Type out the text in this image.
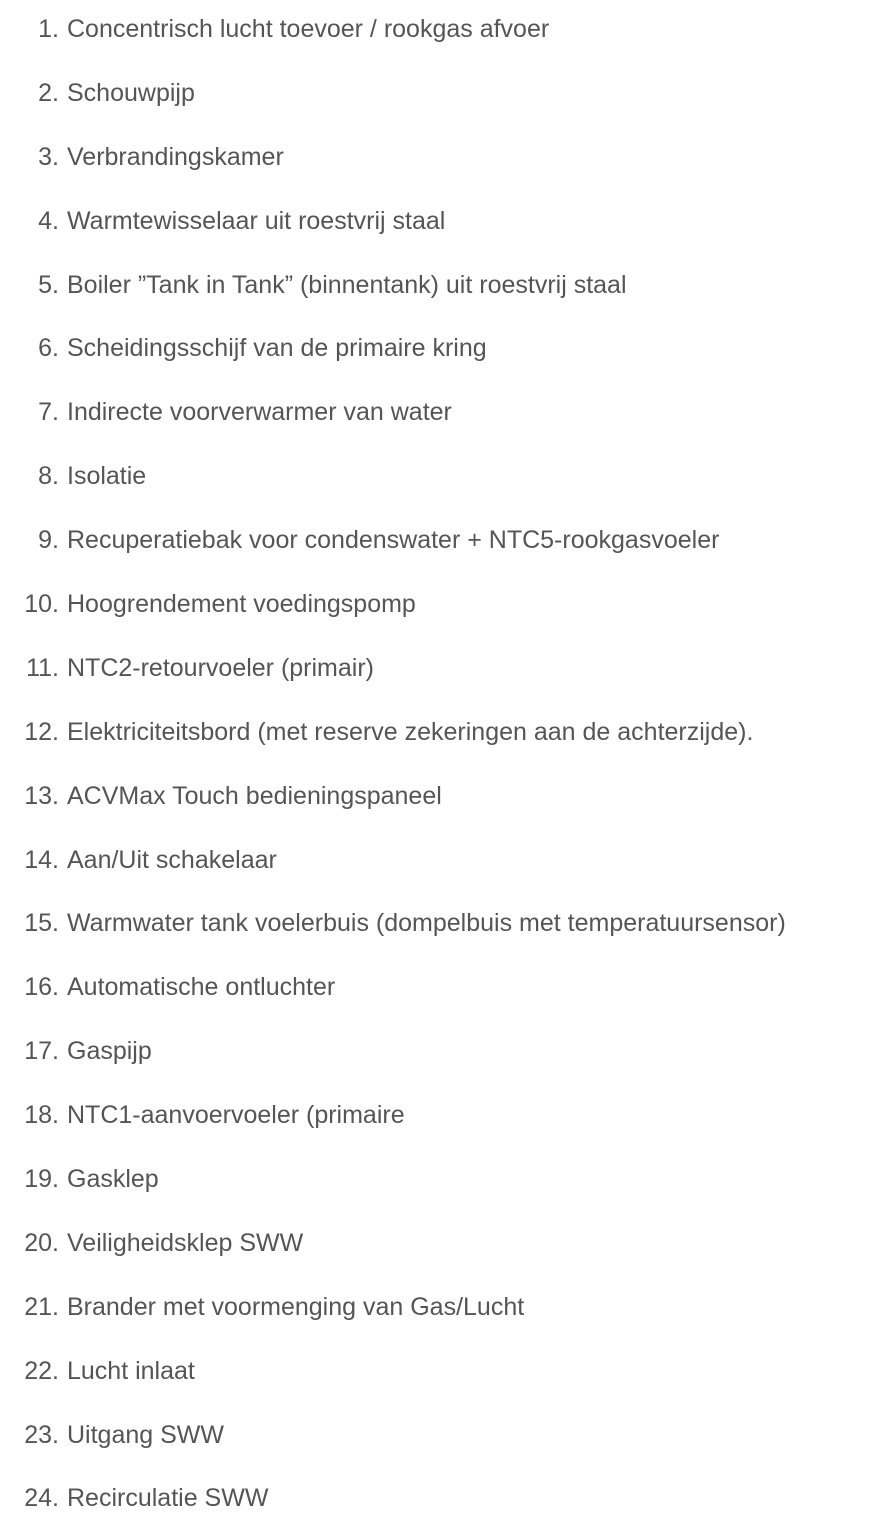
1. Concentrisch lucht toevoer / rookgas afvoer
2. Schouwpijp
3. Verbrandingskamer
4. Warmtewisselaar uit roestvrij staal
5. Boiler ”Tank in Tank” (binnentank) uit roestvrij staal
6. Scheidingsschijf van de primaire kring
7. Indirecte voorverwarmer van water
8. Isolatie
9. Recuperatiebak voor condenswater + NTC5-rookgasvoeler
10. Hoogrendement voedingspomp
11. NTC2-retourvoeler (primair)
12. Elektriciteitsbord (met reserve zekeringen aan de achterzijde).
13. ACVMax Touch bedieningspaneel
14. Aan/Uit schakelaar
15. Warmwater tank voelerbuis (dompelbuis met temperatuursensor)
16. Automatische ontluchter
17. Gaspijp
18. NTC1-aanvoervoeler (primaire
19. Gasklep
20. Veiligheidsklep SWW
21. Brander met voormenging van Gas/Lucht
22. Lucht inlaat
23. Uitgang SWW
24. Recirculatie SWW
